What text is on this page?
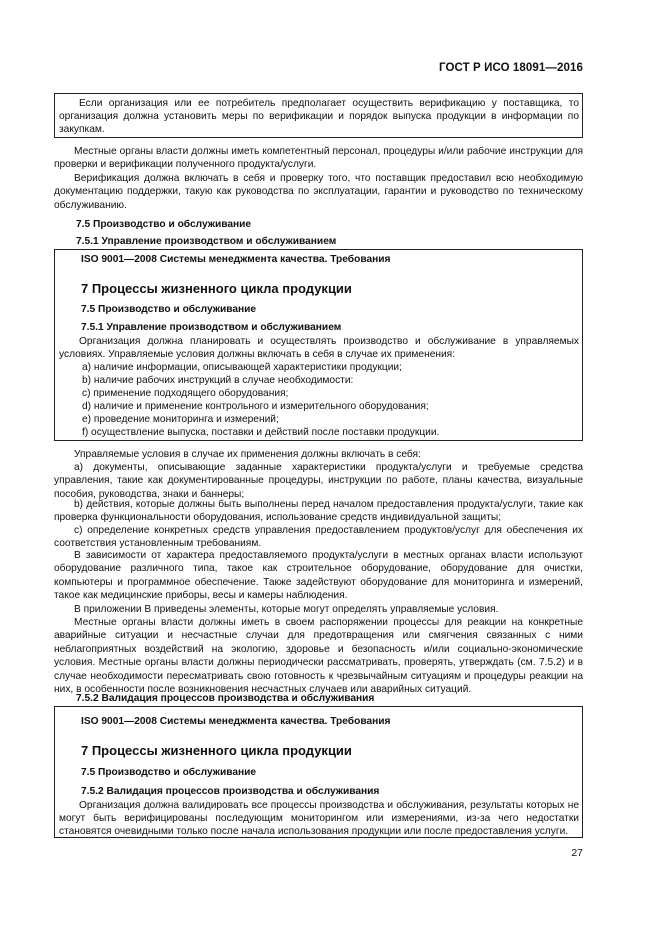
ГОСТ Р ИСО 18091—2016
Если организация или ее потребитель предполагает осуществить верификацию у поставщика, то организация должна установить меры по верификации и порядок выпуска продукции в информации по закупкам.
Местные органы власти должны иметь компетентный персонал, процедуры и/или рабочие инструкции для проверки и верификации полученного продукта/услуги.
Верификация должна включать в себя и проверку того, что поставщик предоставил всю необходимую документацию поддержки, такую как руководства по эксплуатации, гарантии и руководство по техническому обслуживанию.
7.5 Производство и обслуживание
7.5.1 Управление производством и обслуживанием
ISO 9001—2008 Системы менеджмента качества. Требования
7 Процессы жизненного цикла продукции
7.5 Производство и обслуживание
7.5.1 Управление производством и обслуживанием
Организация должна планировать и осуществлять производство и обслуживание в управляемых условиях. Управляемые условия должны включать в себя в случае их применения:
a) наличие информации, описывающей характеристики продукции;
b) наличие рабочих инструкций в случае необходимости:
c) применение подходящего оборудования;
d) наличие и применение контрольного и измерительного оборудования;
e) проведение мониторинга и измерений;
f) осуществление выпуска, поставки и действий после поставки продукции.
Управляемые условия в случае их применения должны включать в себя:
a) документы, описывающие заданные характеристики продукта/услуги и требуемые средства управления, такие как документированные процедуры, инструкции по работе, планы качества, визуальные пособия, руководства, знаки и баннеры;
b) действия, которые должны быть выполнены перед началом предоставления продукта/услуги, такие как проверка функциональности оборудования, использование средств индивидуальной защиты;
c) определение конкретных средств управления предоставлением продуктов/услуг для обеспечения их соответствия установленным требованиям.
В зависимости от характера предоставляемого продукта/услуги в местных органах власти используют оборудование различного типа, такое как строительное оборудование, оборудование для очистки, компьютеры и программное обеспечение. Также задействуют оборудование для мониторинга и измерений, такое как медицинские приборы, весы и камеры наблюдения.
В приложении В приведены элементы, которые могут определять управляемые условия.
Местные органы власти должны иметь в своем распоряжении процессы для реакции на конкретные аварийные ситуации и несчастные случаи для предотвращения или смягчения связанных с ними неблагоприятных воздействий на экологию, здоровье и безопасность и/или социально-экономические условия. Местные органы власти должны периодически рассматривать, проверять, утверждать (см. 7.5.2) и в случае необходимости пересматривать свою готовность к чрезвычайным ситуациям и процедуры реакции на них, в особенности после возникновения несчастных случаев или аварийных ситуаций.
7.5.2 Валидация процессов производства и обслуживания
ISO 9001—2008 Системы менеджмента качества. Требования
7 Процессы жизненного цикла продукции
7.5 Производство и обслуживание
7.5.2 Валидация процессов производства и обслуживания
Организация должна валидировать все процессы производства и обслуживания, результаты которых не могут быть верифицированы последующим мониторингом или измерениями, из-за чего недостатки становятся очевидными только после начала использования продукции или после предоставления услуги.
27
